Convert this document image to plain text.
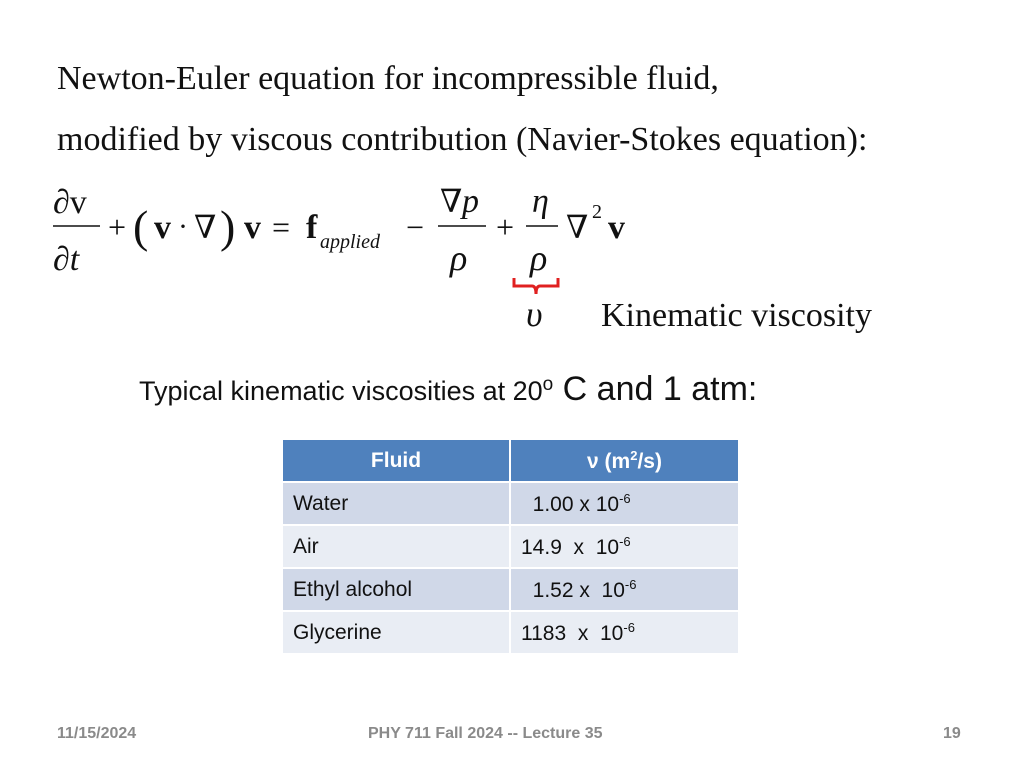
Newton-Euler equation for incompressible fluid,
modified by viscous contribution (Navier-Stokes equation):
∂v
∂t
+ ( v · ∇ ) v = f applied −
∇ p
ρ
+
η
ρ
∇ 2 v
υ Kinematic viscosity
Typical kinematic viscosities at 20$^o$ C and 1 atm:
Fluid	ν $(m^2/s)$
Water	1.00 x $10^{-6}$
Air	14.9  x  $10^{-6}$
Ethyl alcohol	1.52 x  $10^{-6}$
Glycerine	1183  x  $10^{-6}$
11/15/2024	PHY 711 Fall 2024 -- Lecture 35	19
